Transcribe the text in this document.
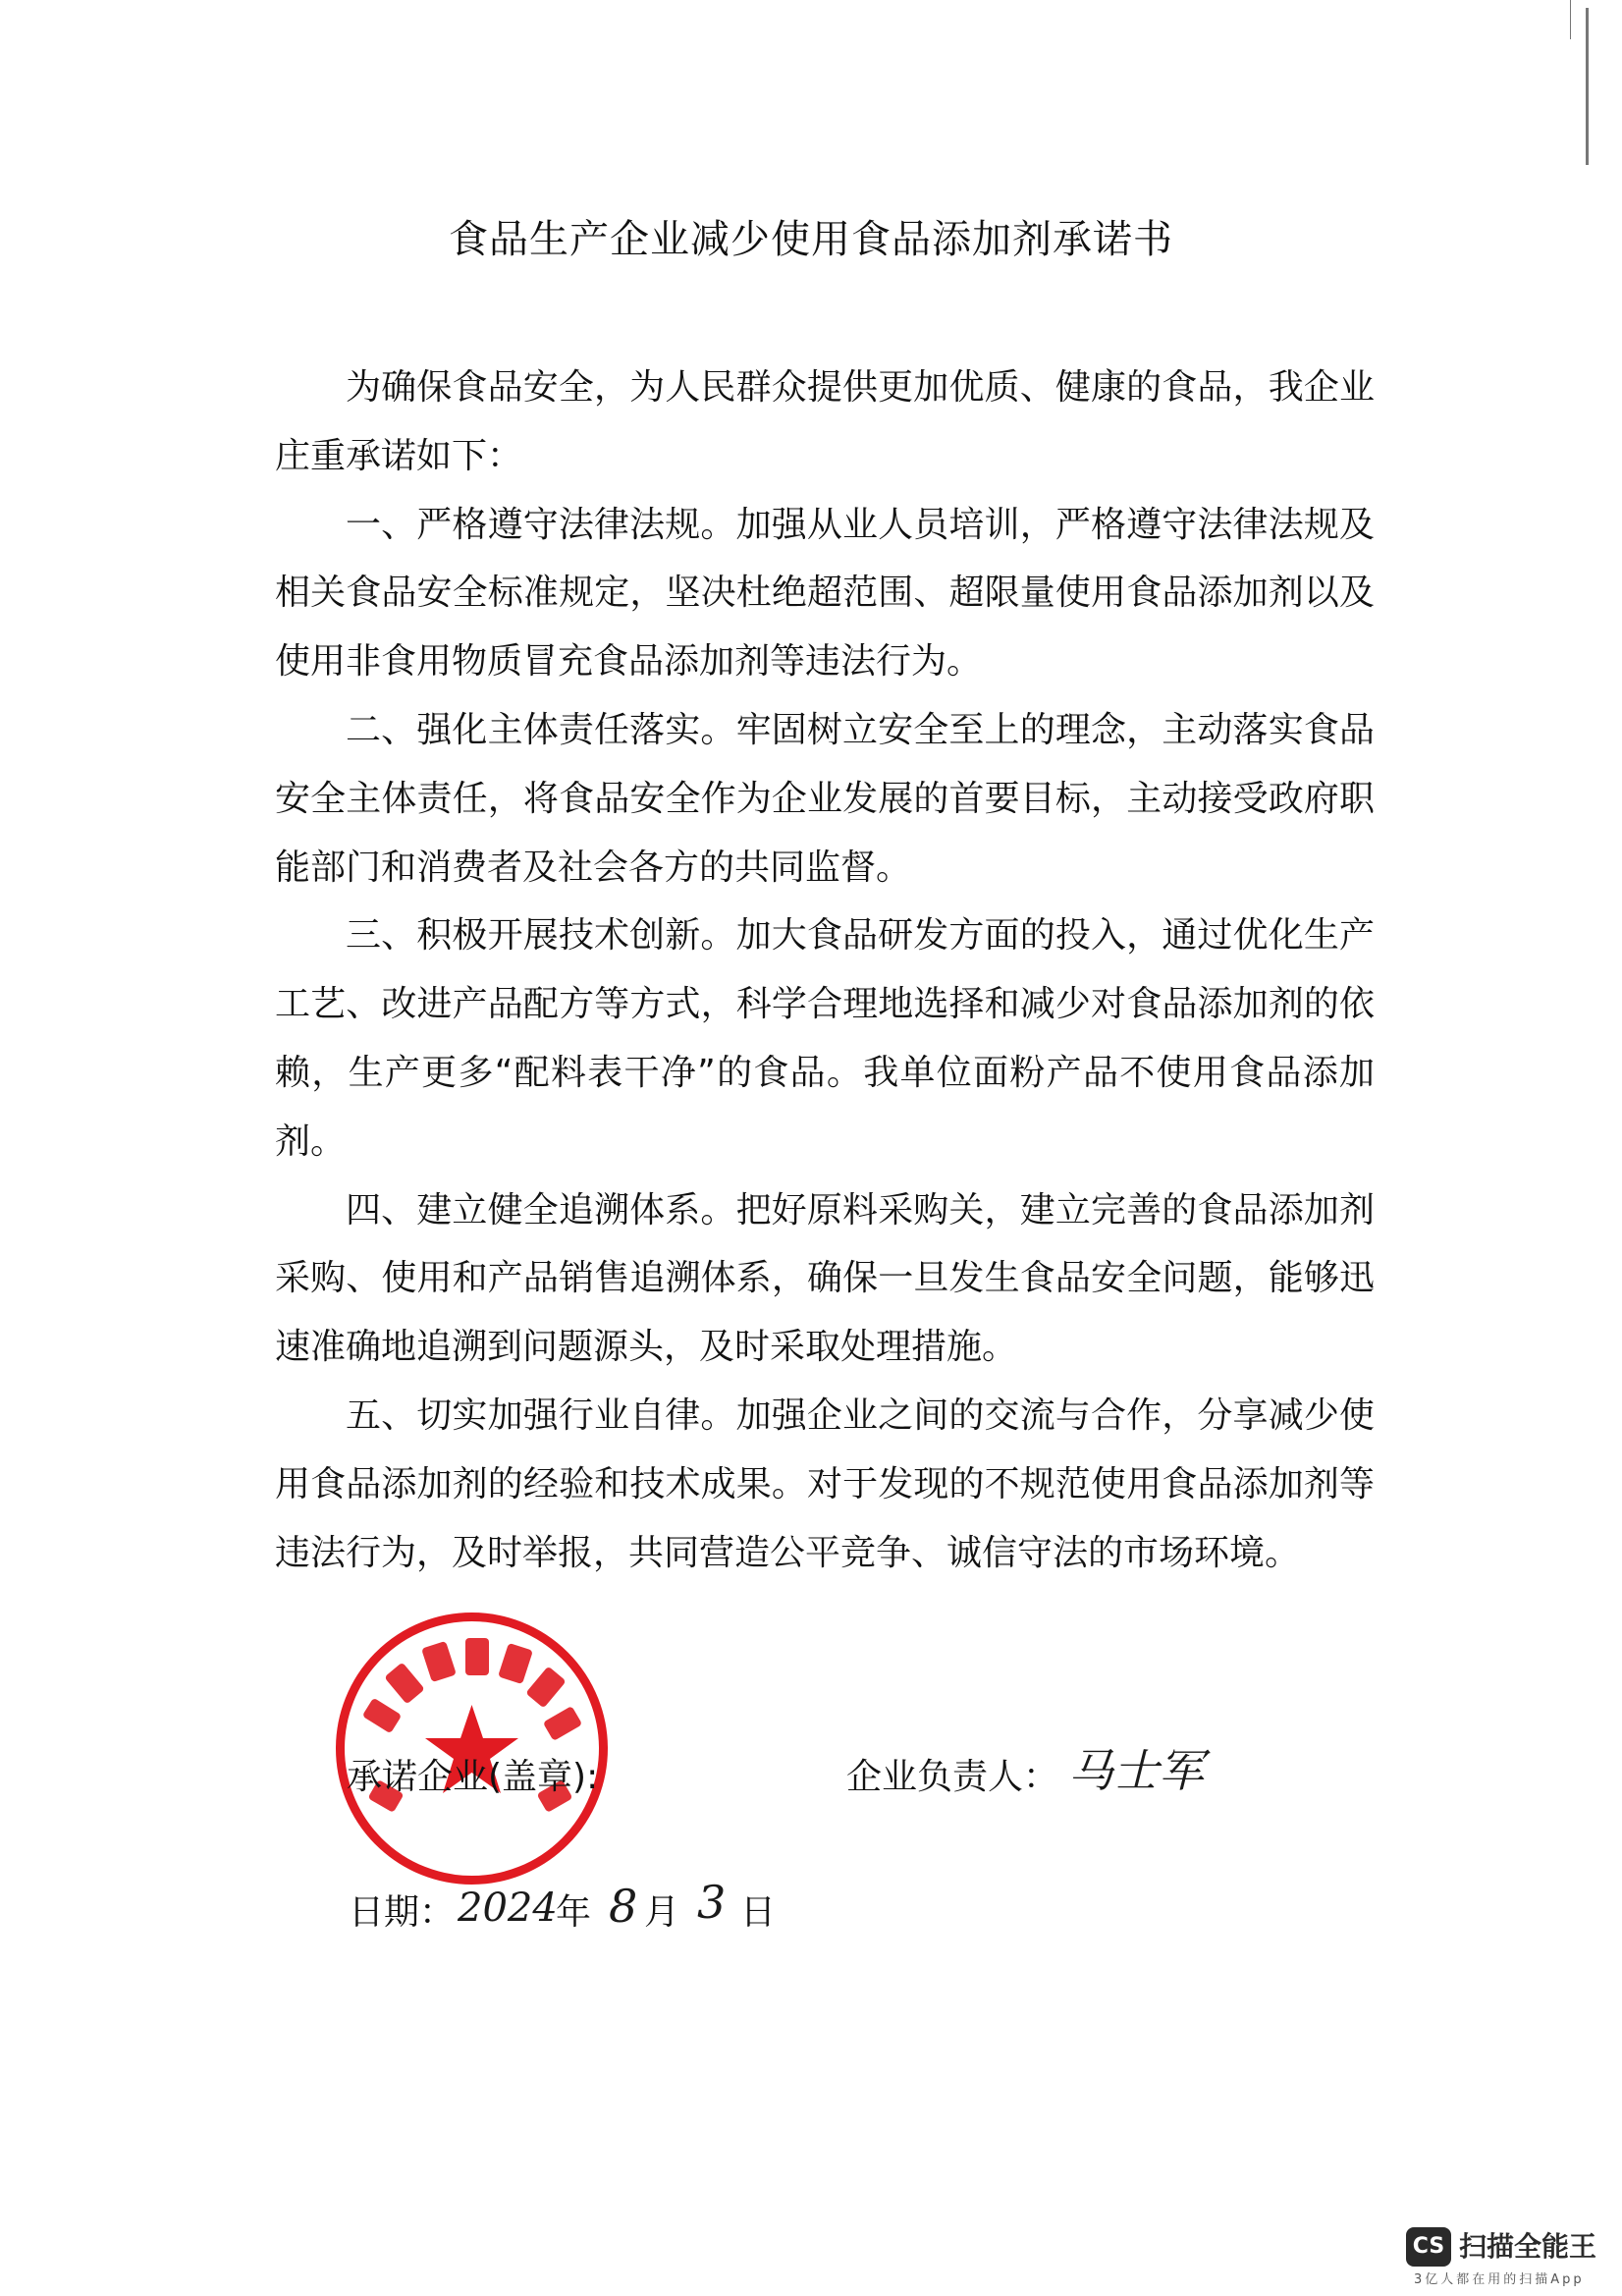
食品生产企业减少使用食品添加剂承诺书

为确保食品安全，为人民群众提供更加优质、健康的食品，我企业庄重承诺如下：

一、严格遵守法律法规。加强从业人员培训，严格遵守法律法规及相关食品安全标准规定，坚决杜绝超范围、超限量使用食品添加剂以及使用非食用物质冒充食品添加剂等违法行为。

二、强化主体责任落实。牢固树立安全至上的理念，主动落实食品安全主体责任，将食品安全作为企业发展的首要目标，主动接受政府职能部门和消费者及社会各方的共同监督。

三、积极开展技术创新。加大食品研发方面的投入，通过优化生产工艺、改进产品配方等方式，科学合理地选择和减少对食品添加剂的依赖，生产更多“配料表干净”的食品。我单位面粉产品不使用食品添加剂。

四、建立健全追溯体系。把好原料采购关，建立完善的食品添加剂采购、使用和产品销售追溯体系，确保一旦发生食品安全问题，能够迅速准确地追溯到问题源头，及时采取处理措施。

五、切实加强行业自律。加强企业之间的交流与合作，分享减少使用食品添加剂的经验和技术成果。对于发现的不规范使用食品添加剂等违法行为，及时举报，共同营造公平竞争、诚信守法的市场环境。

承诺企业(盖章):	企业负责人： 马士军
日期： 2024
年 8 月 3 日
CS 扫描全能王
3亿人都在用的扫描App
